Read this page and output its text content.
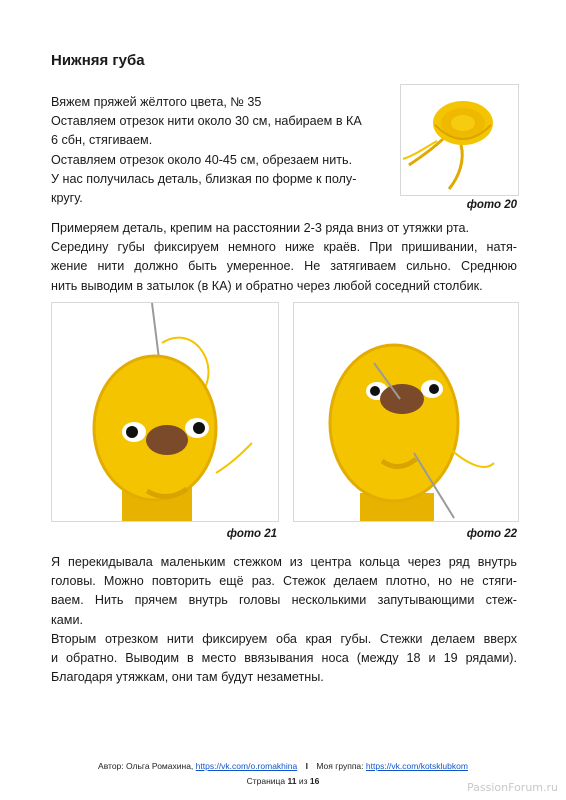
Нижняя губа
Вяжем пряжей жёлтого цвета, № 35
Оставляем отрезок нити около 30 см, набираем в КА
6 сбн, стягиваем.
Оставляем отрезок около 40-45 см, обрезаем нить.
У нас получилась деталь, близкая по форме к полу-
кругу.	фото 20
Примеряем деталь, крепим на расстоянии 2-3 ряда вниз от утяжки рта.
Середину губы фиксируем немного ниже краёв. При пришивании, натя-
жение нити должно быть умеренное. Не затягиваем сильно. Среднюю
нить выводим в затылок (в КА) и обратно через любой соседний столбик.
фото 21	фото 22
Я перекидывала маленьким стежком из центра кольца через ряд внутрь
головы. Можно повторить ещё раз. Стежок делаем плотно, но не стяги-
ваем. Нить прячем внутрь головы несколькими запутывающими стеж-
ками.
Вторым отрезком нити фиксируем оба края губы. Стежки делаем вверх
и обратно. Выводим в место ввязывания носа (между 18 и 19 рядами).
Благодаря утяжкам, они там будут незаметны.
Автор: Ольга Ромахина, https://vk.com/o.romakhina I Моя группа: https://vk.com/kotsklubkom
Страница 11 из 16	PassionForum.ru
